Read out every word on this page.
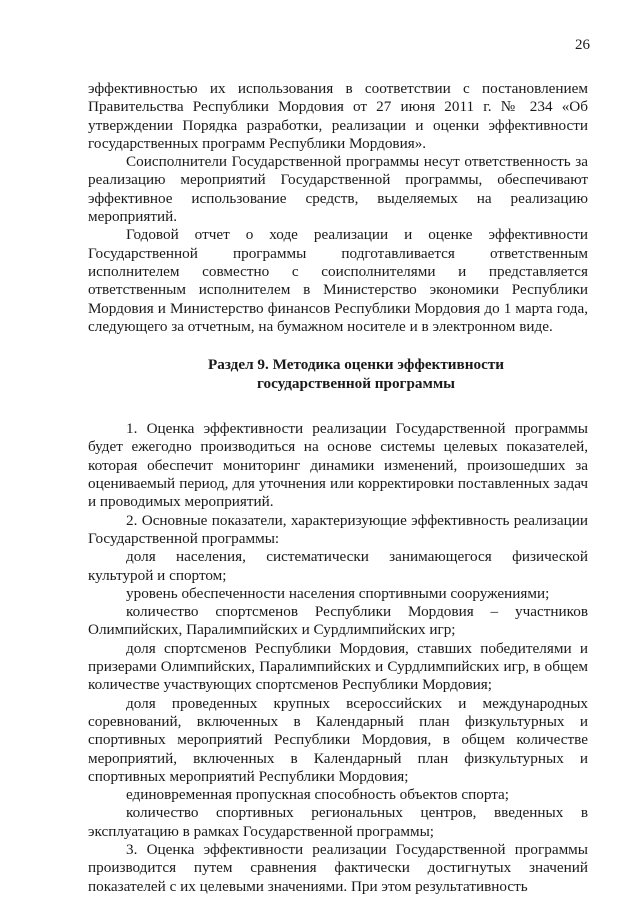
26

эффективностью их использования в соответствии с постановлением Правительства Республики Мордовия от 27 июня 2011 г. № 234 «Об утверждении Порядка разработки, реализации и оценки эффективности государственных программ Республики Мордовия».

Соисполнители Государственной программы несут ответственность за реализацию мероприятий Государственной программы, обеспечивают эффективное использование средств, выделяемых на реализацию мероприятий.

Годовой отчет о ходе реализации и оценке эффективности Государственной программы подготавливается ответственным исполнителем совместно с соисполнителями и представляется ответственным исполнителем в Министерство экономики Республики Мордовия и Министерство финансов Республики Мордовия до 1 марта года, следующего за отчетным, на бумажном носителе и в электронном виде.

Раздел 9. Методика оценки эффективности
государственной программы

1. Оценка эффективности реализации Государственной программы будет ежегодно производиться на основе системы целевых показателей, которая обеспечит мониторинг динамики изменений, произошедших за оцениваемый период, для уточнения или корректировки поставленных задач и проводимых мероприятий.

2. Основные показатели, характеризующие эффективность реализации Государственной программы:

доля населения, систематически занимающегося физической культурой и спортом;

уровень обеспеченности населения спортивными сооружениями;

количество спортсменов Республики Мордовия – участников Олимпийских, Паралимпийских и Сурдлимпийских игр;

доля спортсменов Республики Мордовия, ставших победителями и призерами Олимпийских, Паралимпийских и Сурдлимпийских игр, в общем количестве участвующих спортсменов Республики Мордовия;

доля проведенных крупных всероссийских и международных соревнований, включенных в Календарный план физкультурных и спортивных мероприятий Республики Мордовия, в общем количестве мероприятий, включенных в Календарный план физкультурных и спортивных мероприятий Республики Мордовия;

единовременная пропускная способность объектов спорта;

количество спортивных региональных центров, введенных в эксплуатацию в рамках Государственной программы;

3. Оценка эффективности реализации Государственной программы производится путем сравнения фактически достигнутых значений показателей с их целевыми значениями. При этом результативность
